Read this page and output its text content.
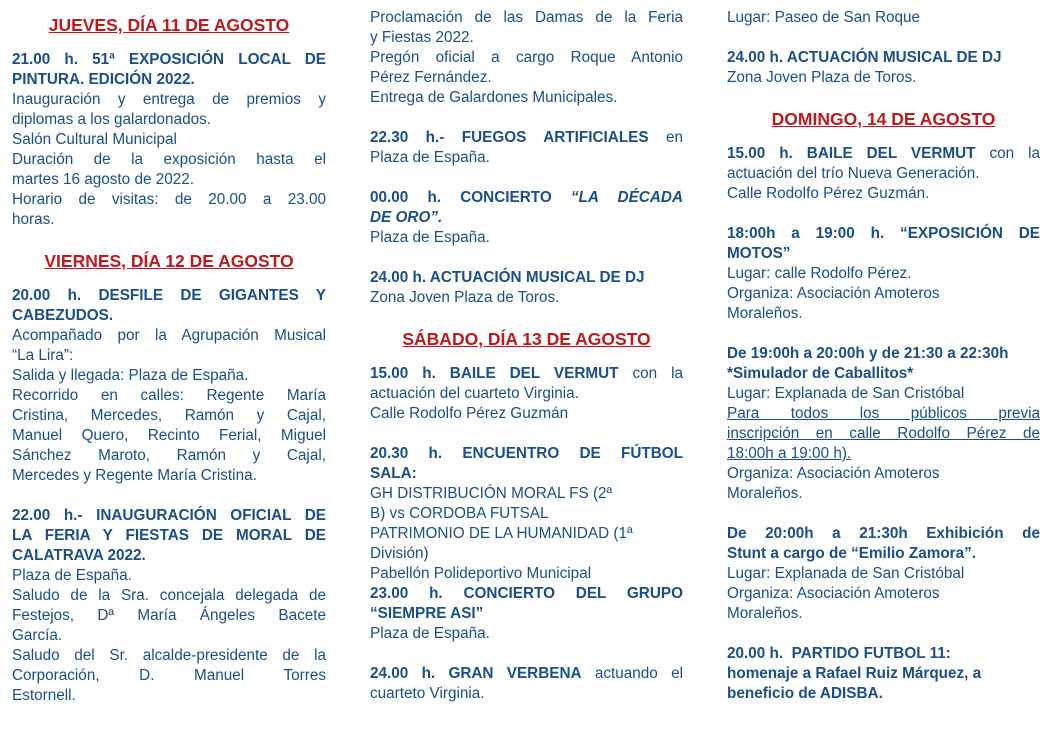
JUEVES, DÍA 11 DE AGOSTO
21.00 h. 51ª EXPOSICIÓN LOCAL DE
PINTURA. EDICIÓN 2022.
Inauguración y entrega de premios y
diplomas a los galardonados.
Salón Cultural Municipal
Duración de la exposición hasta el
martes 16 agosto de 2022.
Horario de visitas: de 20.00 a 23.00
horas.
VIERNES, DÍA 12 DE AGOSTO
20.00 h. DESFILE DE GIGANTES Y
CABEZUDOS.
Acompañado por la Agrupación Musical
“La Lira”:
Salida y llegada: Plaza de España.
Recorrido en calles: Regente María
Cristina, Mercedes, Ramón y Cajal,
Manuel Quero, Recinto Ferial, Miguel
Sánchez Maroto, Ramón y Cajal,
Mercedes y Regente María Cristina.
22.00 h.- INAUGURACIÓN OFICIAL DE
LA FERIA Y FIESTAS DE MORAL DE
CALATRAVA 2022.
Plaza de España.
Saludo de la Sra. concejala delegada de
Festejos, Dª María Ángeles Bacete
García.
Saludo del Sr. alcalde-presidente de la
Corporación, D. Manuel Torres
Estornell.
Proclamación de las Damas de la Feria
y Fiestas 2022.
Pregón oficial a cargo Roque Antonio
Pérez Fernández.
Entrega de Galardones Municipales.
22.30 h.- FUEGOS ARTIFICIALES en
Plaza de España.
00.00 h. CONCIERTO “LA DÉCADA
DE ORO”.
Plaza de España.
24.00 h. ACTUACIÓN MUSICAL DE DJ
Zona Joven Plaza de Toros.
SÁBADO, DÍA 13 DE AGOSTO
15.00 h. BAILE DEL VERMUT con la
actuación del cuarteto Virginia.
Calle Rodolfo Pérez Guzmán
20.30 h. ENCUENTRO DE FÚTBOL
SALA:
GH DISTRIBUCIÓN MORAL FS (2ª
B) vs CORDOBA FUTSAL
PATRIMONIO DE LA HUMANIDAD (1ª
División)
Pabellón Polideportivo Municipal
23.00 h. CONCIERTO DEL GRUPO
“SIEMPRE ASI”
Plaza de España.
24.00 h. GRAN VERBENA actuando el
cuarteto Virginia.
Lugar: Paseo de San Roque
24.00 h. ACTUACIÓN MUSICAL DE DJ
Zona Joven Plaza de Toros.
DOMINGO, 14 DE AGOSTO
15.00 h. BAILE DEL VERMUT con la
actuación del trío Nueva Generación.
Calle Rodolfo Pérez Guzmán.
18:00h a 19:00 h. “EXPOSICIÓN DE
MOTOS”
Lugar: calle Rodolfo Pérez.
Organiza: Asociación Amoteros
Moraleños.
De 19:00h a 20:00h y de 21:30 a 22:30h
*Simulador de Caballitos*
Lugar: Explanada de San Cristóbal
Para todos los públicos previa
inscripción en calle Rodolfo Pérez de
18:00h a 19:00 h).
Organiza: Asociación Amoteros
Moraleños.
De 20:00h a 21:30h Exhibición de
Stunt a cargo de “Emilio Zamora”.
Lugar: Explanada de San Cristóbal
Organiza: Asociación Amoteros
Moraleños.
20.00 h.  PARTIDO FUTBOL 11:
homenaje a Rafael Ruiz Márquez, a
beneficio de ADISBA.
